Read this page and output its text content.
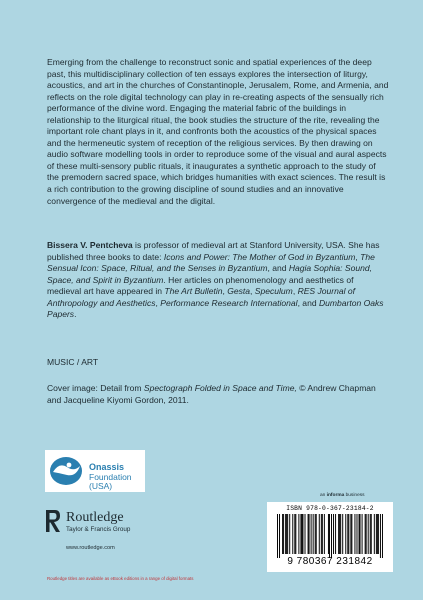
Emerging from the challenge to reconstruct sonic and spatial experiences of the deep past, this multidisciplinary collection of ten essays explores the intersection of liturgy, acoustics, and art in the churches of Constantinople, Jerusalem, Rome, and Armenia, and reflects on the role digital technology can play in re-creating aspects of the sensually rich performance of the divine word. Engaging the material fabric of the buildings in relationship to the liturgical ritual, the book studies the structure of the rite, revealing the important role chant plays in it, and confronts both the acoustics of the physical spaces and the hermeneutic system of reception of the religious services. By then drawing on audio software modelling tools in order to reproduce some of the visual and aural aspects of these multi-sensory public rituals, it inaugurates a synthetic approach to the study of the premodern sacred space, which bridges humanities with exact sciences. The result is a rich contribution to the growing discipline of sound studies and an innovative convergence of the medieval and the digital.
Bissera V. Pentcheva is professor of medieval art at Stanford University, USA. She has published three books to date: Icons and Power: The Mother of God in Byzantium, The Sensual Icon: Space, Ritual, and the Senses in Byzantium, and Hagia Sophia: Sound, Space, and Spirit in Byzantium. Her articles on phenomenology and aesthetics of medieval art have appeared in The Art Bulletin, Gesta, Speculum, RES Journal of Anthropology and Aesthetics, Performance Research International, and Dumbarton Oaks Papers.
MUSIC / ART
Cover image: Detail from Spectograph Folded in Space and Time, © Andrew Chapman and Jacqueline Kiyomi Gordon, 2011.
Onassis
Foundation (USA)
Routledge
Taylor & Francis Group
www.routledge.com
Routledge titles are available as eBook editions in a range of digital formats
an informa business
ISBN 978-0-367-23184-2
9 780367 231842
